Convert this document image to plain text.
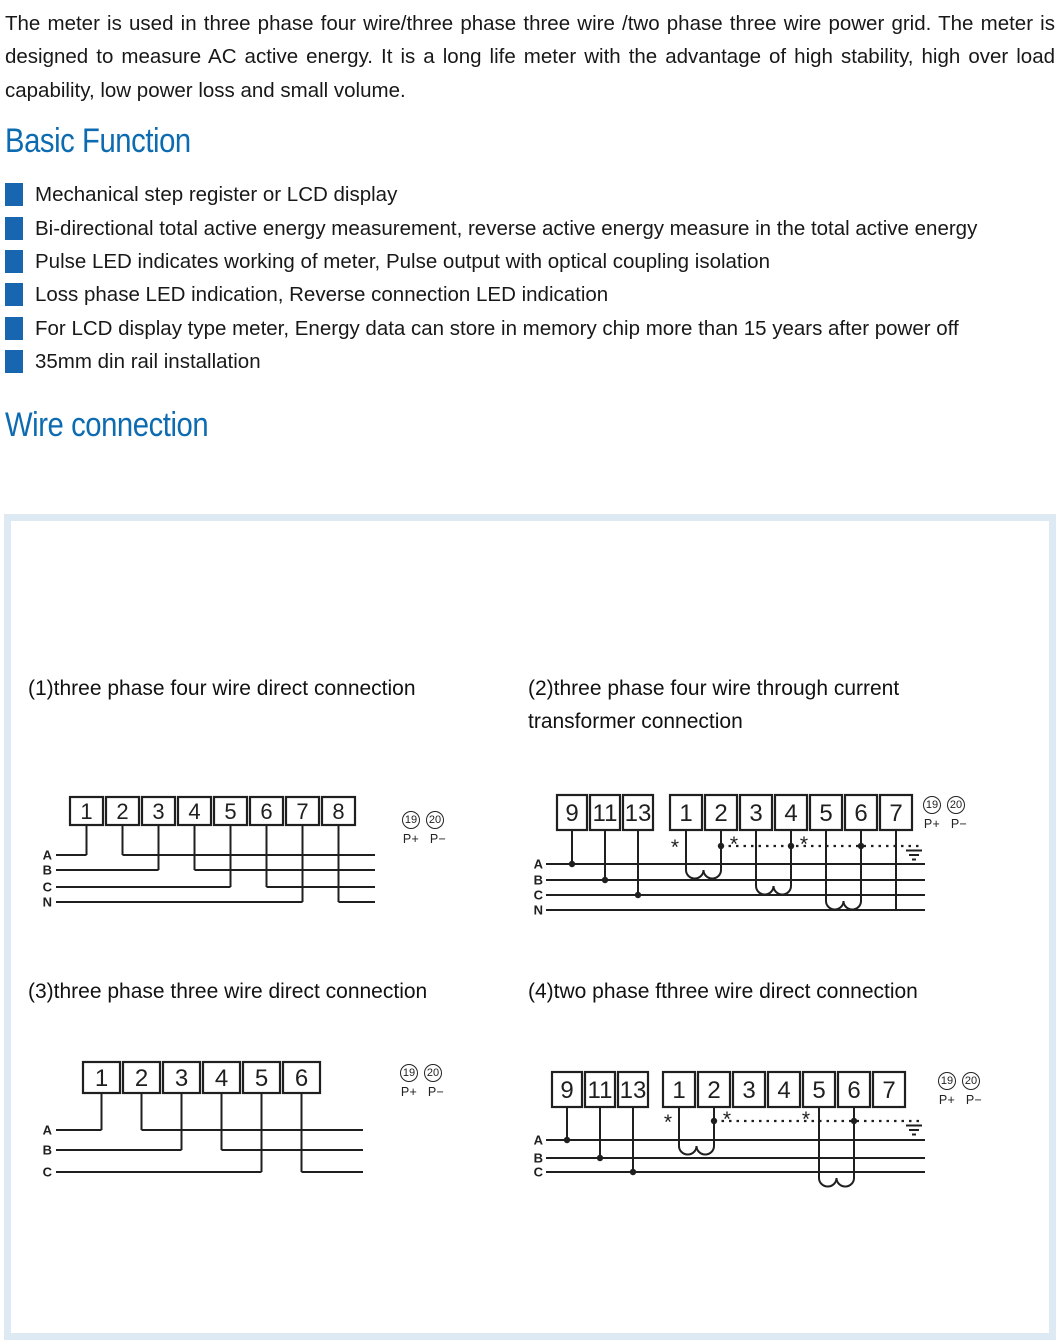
The meter is used in three phase four wire/three phase three wire /two phase three wire power grid. The meter is designed to measure AC active energy. It is a long life meter with the advantage of high stability, high over load capability, low power loss and small volume.

Basic Function
Mechanical step register or LCD display
Bi-directional total active energy measurement, reverse active energy measure in the total active energy
Pulse LED indicates working of meter, Pulse output with optical coupling isolation
Loss phase LED indication, Reverse connection LED indication
For LCD display type meter, Energy data can store in memory chip more than 15 years after power off
35mm din rail installation
Wire connection
(1)three phase four wire direct connection	(2)three phase four wire through current
transformer connection
(3)three phase three wire direct connection	(4)two phase fthree wire direct connection
1 2 3 4 5 6 7 8
A
B
C
N
9 11 13 1 2 3 4 5 6 7
A
B
C
N
* *	*
1 2 3 4 5 6
A
B
C
9 11 13 1 2 3 4 5 6 7
A
B
C
* *	*
19 20
P+ P−
19 20
P+ P−
19 20
P+ P−
19 20
P+ P−
